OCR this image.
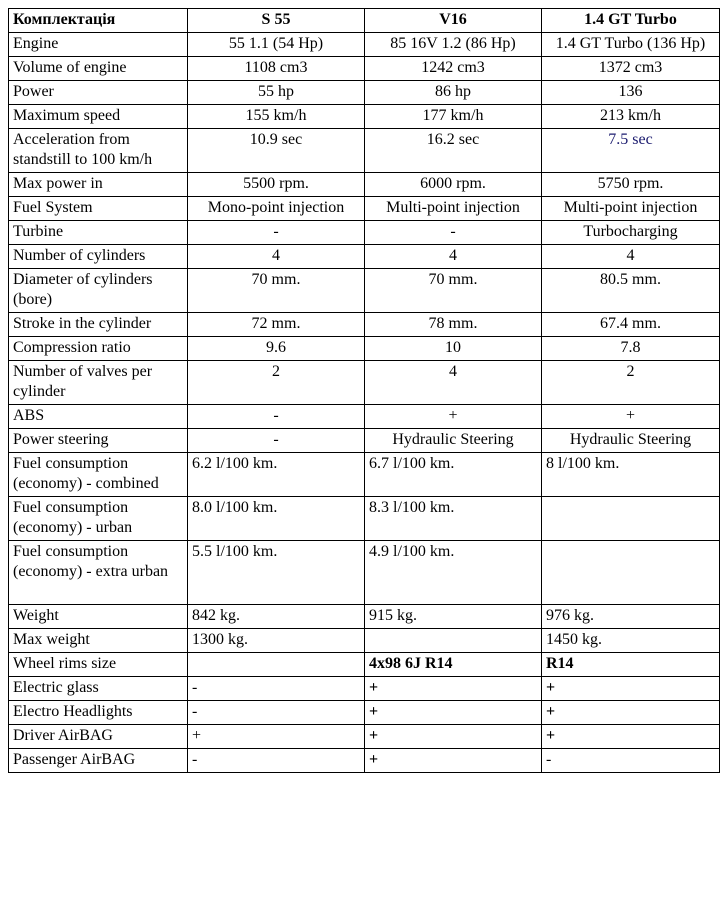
Комплектація	S 55	V16	1.4 GT Turbo
Engine	55 1.1 (54 Hp)	85 16V 1.2 (86 Hp)	1.4 GT Turbo (136 Hp)
Volume of engine	1108 cm3	1242 cm3	1372 cm3
Power	55 hp	86 hp	136
Maximum speed	155 km/h	177 km/h	213 km/h
Acceleration from standstill to 100 km/h	10.9 sec	16.2 sec	7.5 sec
Max power in	5500 rpm.	6000 rpm.	5750 rpm.
Fuel System	Mono-point injection	Multi-point injection	Multi-point injection
Turbine	-	-	Turbocharging
Number of cylinders	4	4	4
Diameter of cylinders (bore)	70 mm.	70 mm.	80.5 mm.
Stroke in the cylinder	72 mm.	78 mm.	67.4 mm.
Compression ratio	9.6	10	7.8
Number of valves per cylinder	2	4	2
ABS	-	+	+
Power steering	-	Hydraulic Steering	Hydraulic Steering
Fuel consumption (economy) - combined	6.2 l/100 km.	6.7 l/100 km.	8 l/100 km.
Fuel consumption (economy) - urban	8.0 l/100 km.	8.3 l/100 km.	
Fuel consumption (economy) - extra urban	5.5 l/100 km.	4.9 l/100 km.	
Weight	842 kg.	915 kg.	976 kg.
Max weight	1300 kg.		1450 kg.
Wheel rims size		4x98 6J R14	R14
Electric glass	-	+	+
Electro Headlights	-	+	+
Driver AirBAG	+	+	+
Passenger AirBAG	-	+	-
